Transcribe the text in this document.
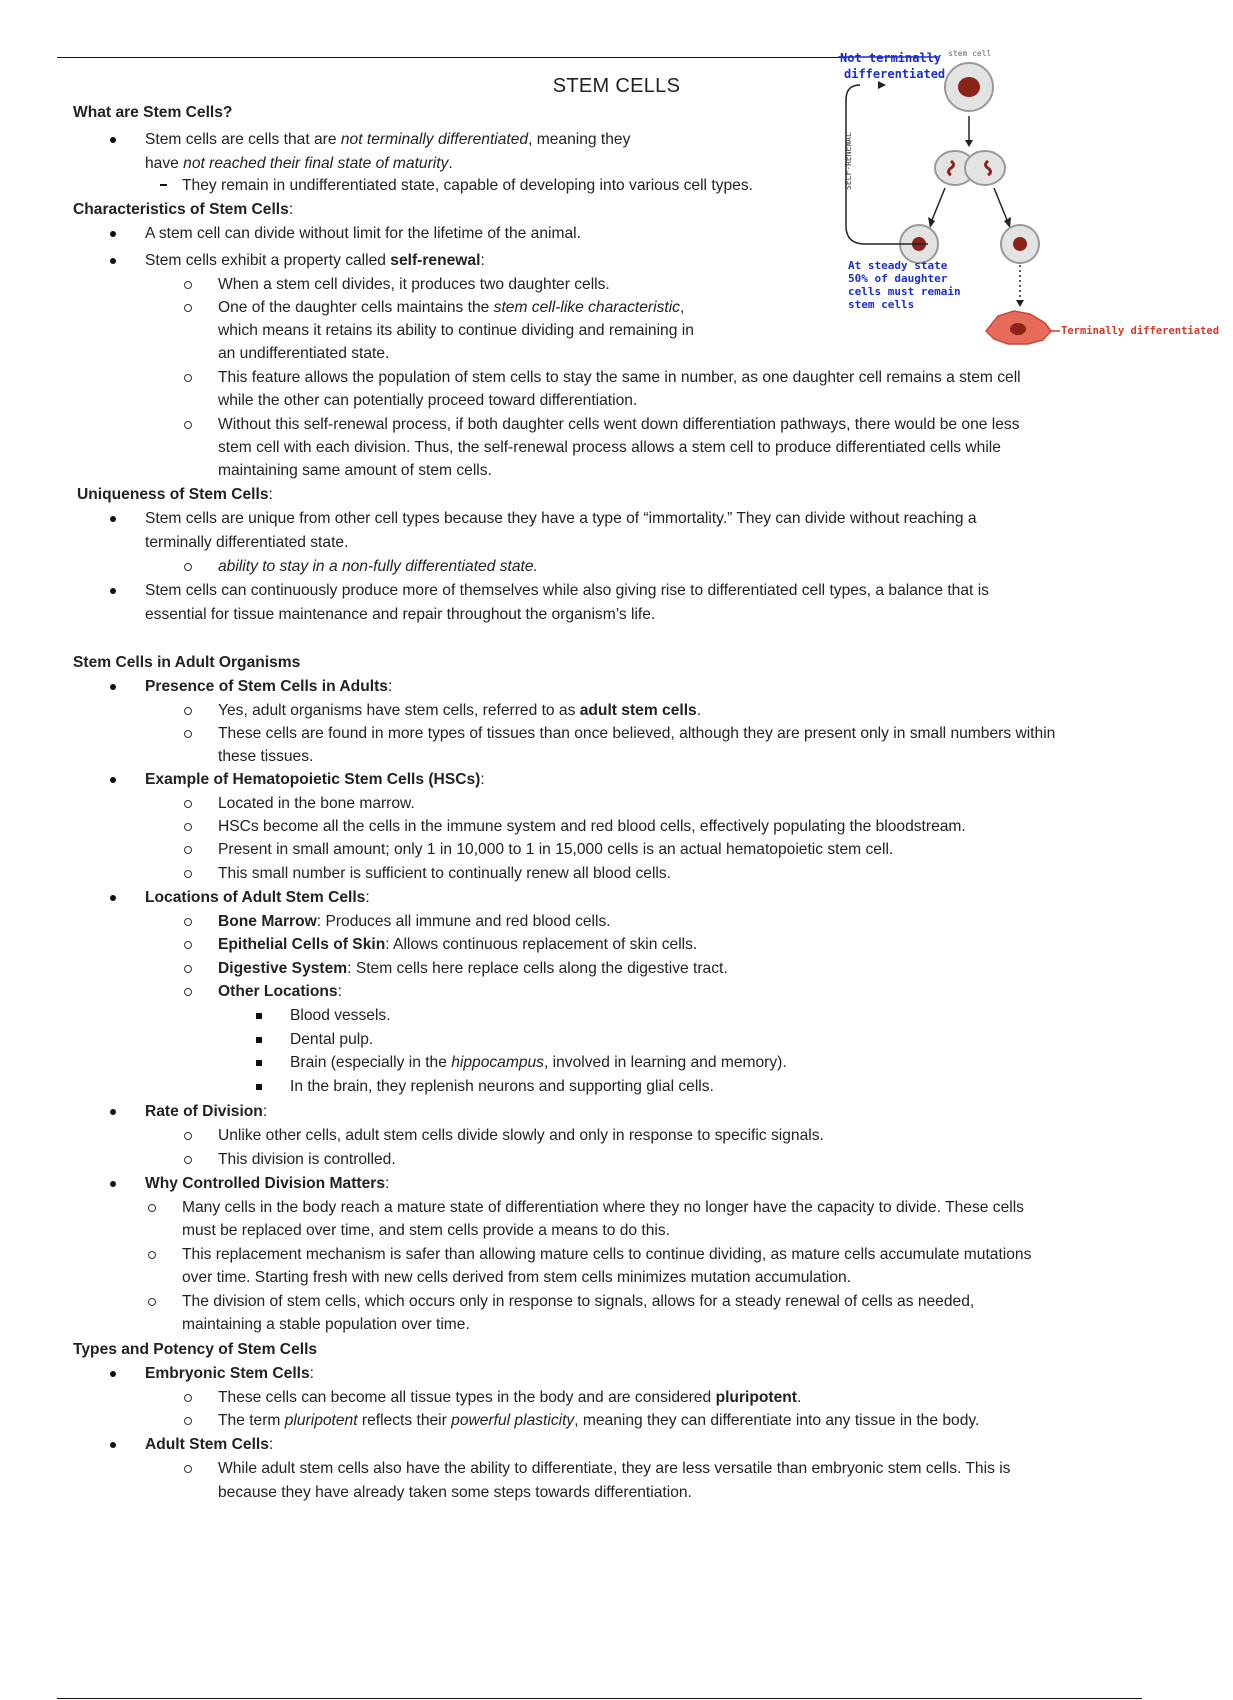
STEM CELLS
Not terminally
differentiated
stem cell
SELF-RENEWAL
At steady state
50% of daughter
cells must remain
stem cells
Terminally differentiated
What are Stem Cells?
Stem cells are cells that are not terminally differentiated, meaning they
have not reached their final state of maturity.
They remain in undifferentiated state, capable of developing into various cell types.
Characteristics of Stem Cells:
A stem cell can divide without limit for the lifetime of the animal.
Stem cells exhibit a property called self-renewal:
When a stem cell divides, it produces two daughter cells.
One of the daughter cells maintains the stem cell-like characteristic,
which means it retains its ability to continue dividing and remaining in
an undifferentiated state.
This feature allows the population of stem cells to stay the same in number, as one daughter cell remains a stem cell
while the other can potentially proceed toward differentiation.
Without this self-renewal process, if both daughter cells went down differentiation pathways, there would be one less
stem cell with each division. Thus, the self-renewal process allows a stem cell to produce differentiated cells while
maintaining same amount of stem cells.
Uniqueness of Stem Cells:
Stem cells are unique from other cell types because they have a type of “immortality.” They can divide without reaching a
terminally differentiated state.
ability to stay in a non-fully differentiated state.
Stem cells can continuously produce more of themselves while also giving rise to differentiated cell types, a balance that is
essential for tissue maintenance and repair throughout the organism’s life.
Stem Cells in Adult Organisms
Presence of Stem Cells in Adults:
Yes, adult organisms have stem cells, referred to as adult stem cells.
These cells are found in more types of tissues than once believed, although they are present only in small numbers within
these tissues.
Example of Hematopoietic Stem Cells (HSCs):
Located in the bone marrow.
HSCs become all the cells in the immune system and red blood cells, effectively populating the bloodstream.
Present in small amount; only 1 in 10,000 to 1 in 15,000 cells is an actual hematopoietic stem cell.
This small number is sufficient to continually renew all blood cells.
Locations of Adult Stem Cells:
Bone Marrow: Produces all immune and red blood cells.
Epithelial Cells of Skin: Allows continuous replacement of skin cells.
Digestive System: Stem cells here replace cells along the digestive tract.
Other Locations:
Blood vessels.
Dental pulp.
Brain (especially in the hippocampus, involved in learning and memory).
In the brain, they replenish neurons and supporting glial cells.
Rate of Division:
Unlike other cells, adult stem cells divide slowly and only in response to specific signals.
This division is controlled.
Why Controlled Division Matters:
Many cells in the body reach a mature state of differentiation where they no longer have the capacity to divide. These cells
must be replaced over time, and stem cells provide a means to do this.
This replacement mechanism is safer than allowing mature cells to continue dividing, as mature cells accumulate mutations
over time. Starting fresh with new cells derived from stem cells minimizes mutation accumulation.
The division of stem cells, which occurs only in response to signals, allows for a steady renewal of cells as needed,
maintaining a stable population over time.
Types and Potency of Stem Cells
Embryonic Stem Cells:
These cells can become all tissue types in the body and are considered pluripotent.
The term pluripotent reflects their powerful plasticity, meaning they can differentiate into any tissue in the body.
Adult Stem Cells:
While adult stem cells also have the ability to differentiate, they are less versatile than embryonic stem cells. This is
because they have already taken some steps towards differentiation.
